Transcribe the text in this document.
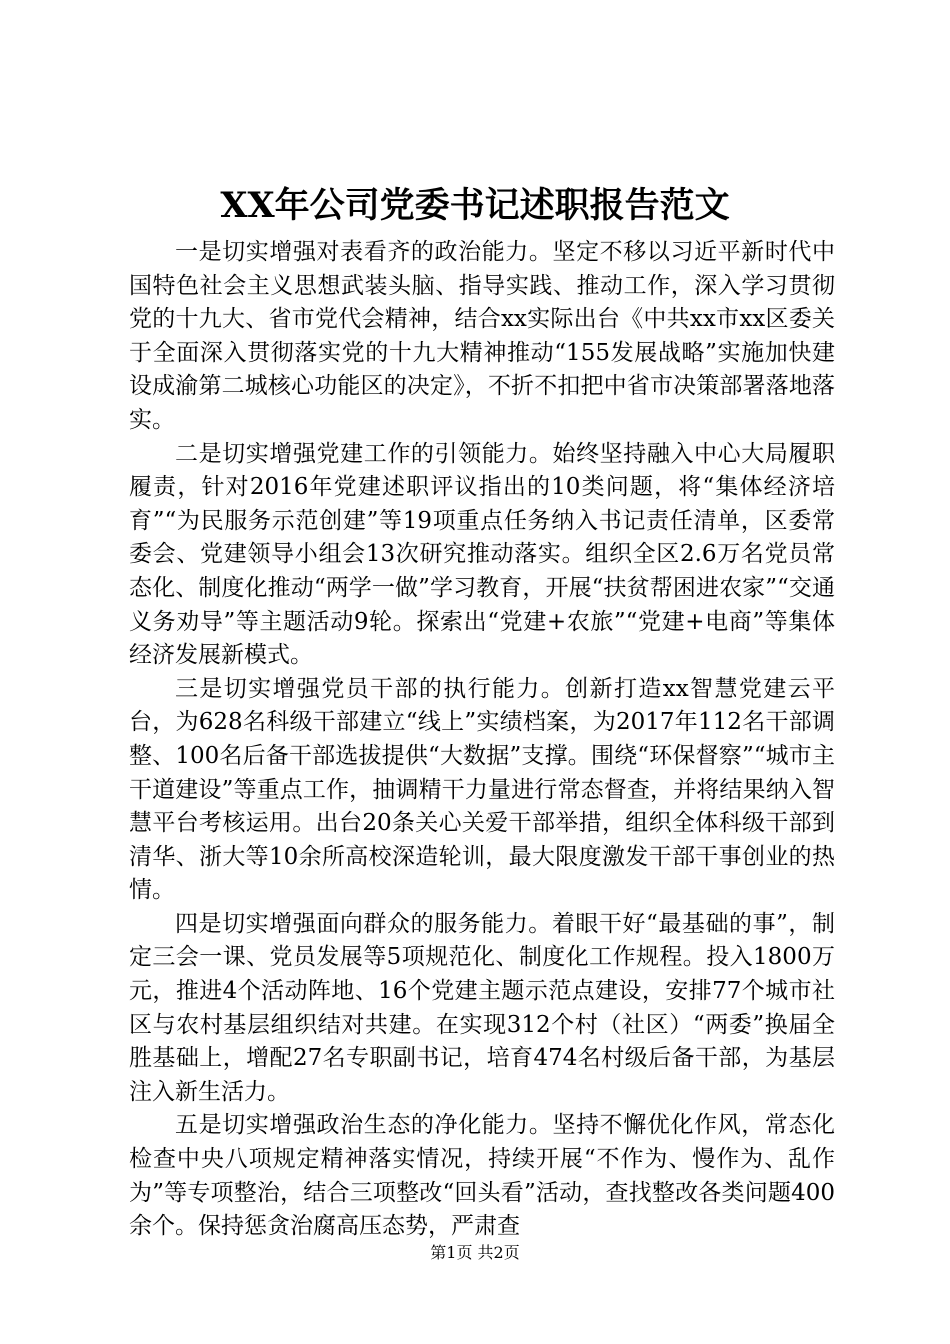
XX年公司党委书记述职报告范文

一是切实增强对表看齐的政治能力。坚定不移以习近平新时代中国特色社会主义思想武装头脑、指导实践、推动工作，深入学习贯彻党的十九大、省市党代会精神，结合xx实际出台《中共xx市xx区委关于全面深入贯彻落实党的十九大精神推动“155发展战略”实施加快建设成渝第二城核心功能区的决定》，不折不扣把中省市决策部署落地落实。

二是切实增强党建工作的引领能力。始终坚持融入中心大局履职履责，针对2016年党建述职评议指出的10类问题，将“集体经济培育”“为民服务示范创建”等19项重点任务纳入书记责任清单，区委常委会、党建领导小组会13次研究推动落实。组织全区2.6万名党员常态化、制度化推动“两学一做”学习教育，开展“扶贫帮困进农家”“交通义务劝导”等主题活动9轮。探索出“党建+农旅”“党建+电商”等集体经济发展新模式。

三是切实增强党员干部的执行能力。创新打造xx智慧党建云平台，为628名科级干部建立“线上”实绩档案，为2017年112名干部调整、100名后备干部选拔提供“大数据”支撑。围绕“环保督察”“城市主干道建设”等重点工作，抽调精干力量进行常态督查，并将结果纳入智慧平台考核运用。出台20条关心关爱干部举措，组织全体科级干部到清华、浙大等10余所高校深造轮训，最大限度激发干部干事创业的热情。

四是切实增强面向群众的服务能力。着眼干好“最基础的事”，制定三会一课、党员发展等5项规范化、制度化工作规程。投入1800万元，推进4个活动阵地、16个党建主题示范点建设，安排77个城市社区与农村基层组织结对共建。在实现312个村（社区）“两委”换届全胜基础上，增配27名专职副书记，培育474名村级后备干部，为基层注入新生活力。

五是切实增强政治生态的净化能力。坚持不懈优化作风，常态化检查中央八项规定精神落实情况，持续开展“不作为、慢作为、乱作为”等专项整治，结合三项整改“回头看”活动，查找整改各类问题400余个。保持惩贪治腐高压态势，严肃查

第1页 共2页
